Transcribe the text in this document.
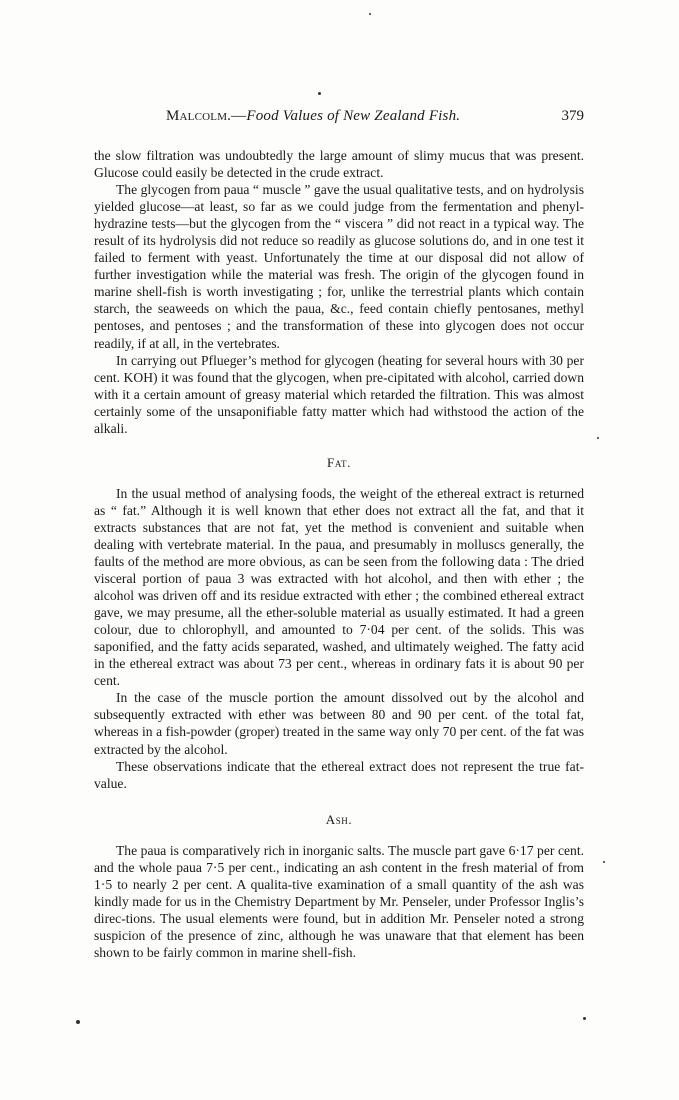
Malcolm.—Food Values of New Zealand Fish.	379

the slow filtration was undoubtedly the large amount of slimy mucus that was present. Glucose could easily be detected in the crude extract.

The glycogen from paua “ muscle ” gave the usual qualitative tests, and on hydrolysis yielded glucose—at least, so far as we could judge from the fermentation and phenyl-hydrazine tests—but the glycogen from the “ viscera ” did not react in a typical way. The result of its hydrolysis did not reduce so readily as glucose solutions do, and in one test it failed to ferment with yeast. Unfortunately the time at our disposal did not allow of further investigation while the material was fresh. The origin of the glycogen found in marine shell-fish is worth investigating ; for, unlike the terrestrial plants which contain starch, the seaweeds on which the paua, &c., feed contain chiefly pentosanes, methyl pentoses, and pentoses ; and the transformation of these into glycogen does not occur readily, if at all, in the vertebrates.

In carrying out Pflueger’s method for glycogen (heating for several hours with 30 per cent. KOH) it was found that the glycogen, when pre-cipitated with alcohol, carried down with it a certain amount of greasy material which retarded the filtration. This was almost certainly some of the unsaponifiable fatty matter which had withstood the action of the alkali.

Fat.

In the usual method of analysing foods, the weight of the ethereal extract is returned as “ fat.” Although it is well known that ether does not extract all the fat, and that it extracts substances that are not fat, yet the method is convenient and suitable when dealing with vertebrate material. In the paua, and presumably in molluscs generally, the faults of the method are more obvious, as can be seen from the following data : The dried visceral portion of paua 3 was extracted with hot alcohol, and then with ether ; the alcohol was driven off and its residue extracted with ether ; the combined ethereal extract gave, we may presume, all the ether-soluble material as usually estimated. It had a green colour, due to chlorophyll, and amounted to 7·04 per cent. of the solids. This was saponified, and the fatty acids separated, washed, and ultimately weighed. The fatty acid in the ethereal extract was about 73 per cent., whereas in ordinary fats it is about 90 per cent.

In the case of the muscle portion the amount dissolved out by the alcohol and subsequently extracted with ether was between 80 and 90 per cent. of the total fat, whereas in a fish-powder (groper) treated in the same way only 70 per cent. of the fat was extracted by the alcohol.

These observations indicate that the ethereal extract does not represent the true fat-value.

Ash.

The paua is comparatively rich in inorganic salts. The muscle part gave 6·17 per cent. and the whole paua 7·5 per cent., indicating an ash content in the fresh material of from 1·5 to nearly 2 per cent. A qualita-tive examination of a small quantity of the ash was kindly made for us in the Chemistry Department by Mr. Penseler, under Professor Inglis’s direc-tions. The usual elements were found, but in addition Mr. Penseler noted a strong suspicion of the presence of zinc, although he was unaware that that element has been shown to be fairly common in marine shell-fish.
